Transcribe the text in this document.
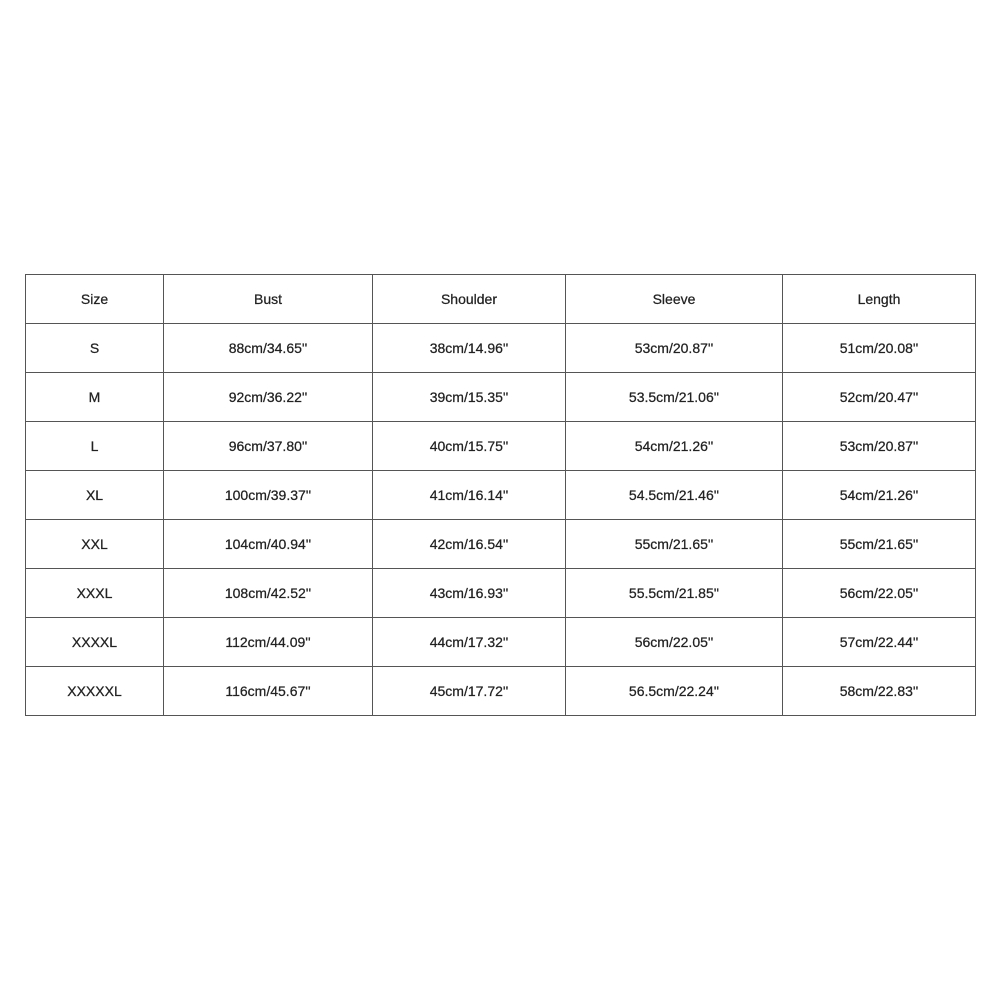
Size	Bust	Shoulder	Sleeve	Length
S	88cm/34.65''	38cm/14.96''	53cm/20.87''	51cm/20.08''
M	92cm/36.22''	39cm/15.35''	53.5cm/21.06''	52cm/20.47''
L	96cm/37.80''	40cm/15.75''	54cm/21.26''	53cm/20.87''
XL	100cm/39.37''	41cm/16.14''	54.5cm/21.46''	54cm/21.26''
XXL	104cm/40.94''	42cm/16.54''	55cm/21.65''	55cm/21.65''
XXXL	108cm/42.52''	43cm/16.93''	55.5cm/21.85''	56cm/22.05''
XXXXL	112cm/44.09''	44cm/17.32''	56cm/22.05''	57cm/22.44''
XXXXXL	116cm/45.67''	45cm/17.72''	56.5cm/22.24''	58cm/22.83''
